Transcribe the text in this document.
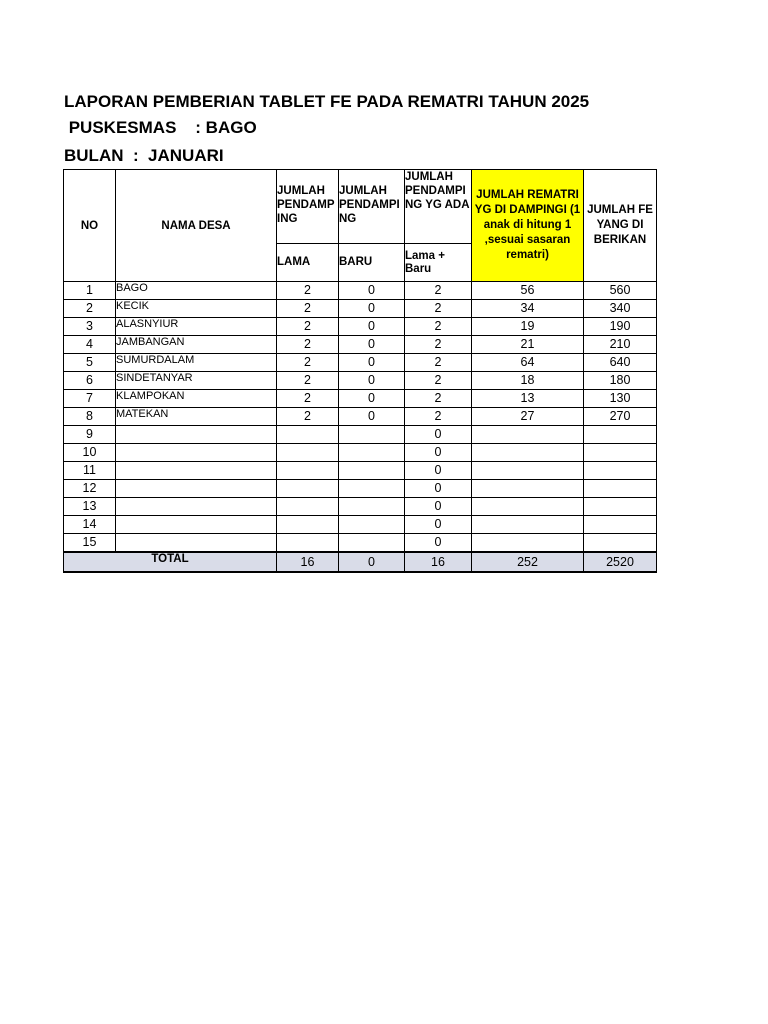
LAPORAN PEMBERIAN TABLET FE PADA REMATRI TAHUN 2025
PUSKESMAS    : BAGO
BULAN  :  JANUARI
NO	NAMA DESA	JUMLAH PENDAMP ING	JUMLAH PENDAMPI NG	JUMLAH PENDAMPI NG YG ADA	JUMLAH REMATRI YG DI DAMPINGI (1 anak di hitung 1 ,sesuai sasaran rematri)	JUMLAH FE YANG DI BERIKAN
		LAMA	BARU	Lama + Baru		
1	BAGO	2	0	2	56	560
2	KECIK	2	0	2	34	340
3	ALASNYIUR	2	0	2	19	190
4	JAMBANGAN	2	0	2	21	210
5	SUMURDALAM	2	0	2	64	640
6	SINDETANYAR	2	0	2	18	180
7	KLAMPOKAN	2	0	2	13	130
8	MATEKAN	2	0	2	27	270
9				0		
10				0		
11				0		
12				0		
13				0		
14				0		
15				0		
TOTAL		16	0	16	252	2520
